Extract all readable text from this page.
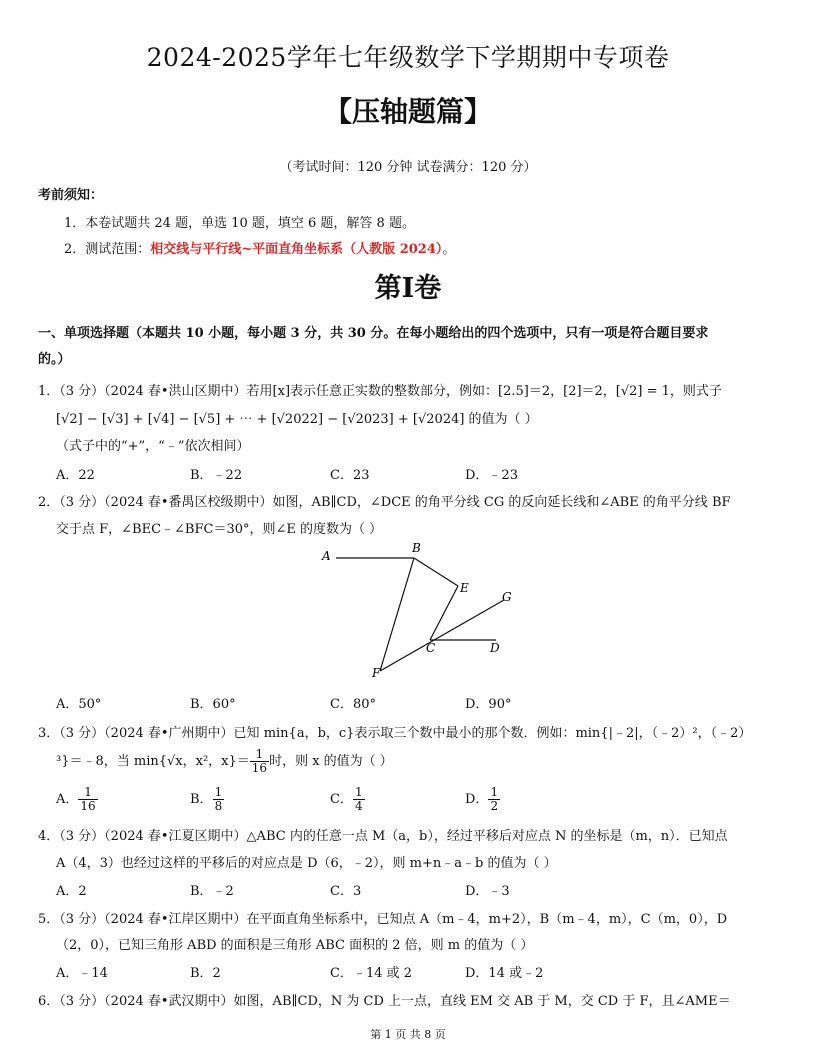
2024-2025学年七年级数学下学期期中专项卷
【压轴题篇】
（考试时间：120 分钟 试卷满分：120 分）
考前须知：
1．本卷试题共 24 题，单选 10 题，填空 6 题，解答 8 题。
2．测试范围：相交线与平行线~平面直角坐标系（人教版 2024）。
第Ⅰ卷
一、单项选择题（本题共 10 小题，每小题 3 分，共 30 分。在每小题给出的四个选项中，只有一项是符合题目要求
的。）
1．（3 分）（2024 春•洪山区期中）若用[x]表示任意正实数的整数部分，例如：[2.5]＝2，[2]＝2，[√2] = 1，则式子
[√2] − [√3] + [√4] − [√5] + ⋯ + [√2022] − [√2023] + [√2024] 的值为（ ）
（式子中的“+”，“﹣”依次相间）
A．22	B．﹣22	C．23	D．﹣23
2．（3 分）（2024 春•番禺区校级期中）如图，AB∥CD，∠DCE 的角平分线 CG 的反向延长线和∠ABE 的角平分线 BF
交于点 F，∠BEC﹣∠BFC＝30°，则∠E 的度数为（ ）
A
B
E
G
C	D
F
A．50°	B．60°	C．80°	D．90°
3．（3 分）（2024 春•广州期中）已知 min{a，b，c}表示取三个数中最小的那个数．例如：min{|﹣2|，（﹣2）²，（﹣2）
³}＝﹣8，当 min{√x，x²，$x\}= \frac{1}{16}$ 时，则 x 的值为（ ）
A． $\frac{1}{16}$	B． $\frac{1}{8}$	C． $\frac{1}{4}$	D． $\frac{1}{2}$
4．（3 分）（2024 春•江夏区期中）△ABC 内的任意一点 M（a，b），经过平移后对应点 N 的坐标是（m，n）．已知点
A（4，3）也经过这样的平移后的对应点是 D（6，﹣2），则 m+n﹣a﹣b 的值为（ ）
A．2	B．﹣2	C．3	D．﹣3
5．（3 分）（2024 春•江岸区期中）在平面直角坐标系中，已知点 A（m﹣4，m+2），B（m﹣4，m），C（m，0），D
（2，0），已知三角形 ABD 的面积是三角形 ABC 面积的 2 倍，则 m 的值为（ ）
A．﹣14	B．2	C．﹣14 或 2	D．14 或﹣2
6．（3 分）（2024 春•武汉期中）如图，AB∥CD，N 为 CD 上一点，直线 EM 交 AB 于 M，交 CD 于 F，且∠AME＝
第 1 页 共 8 页
